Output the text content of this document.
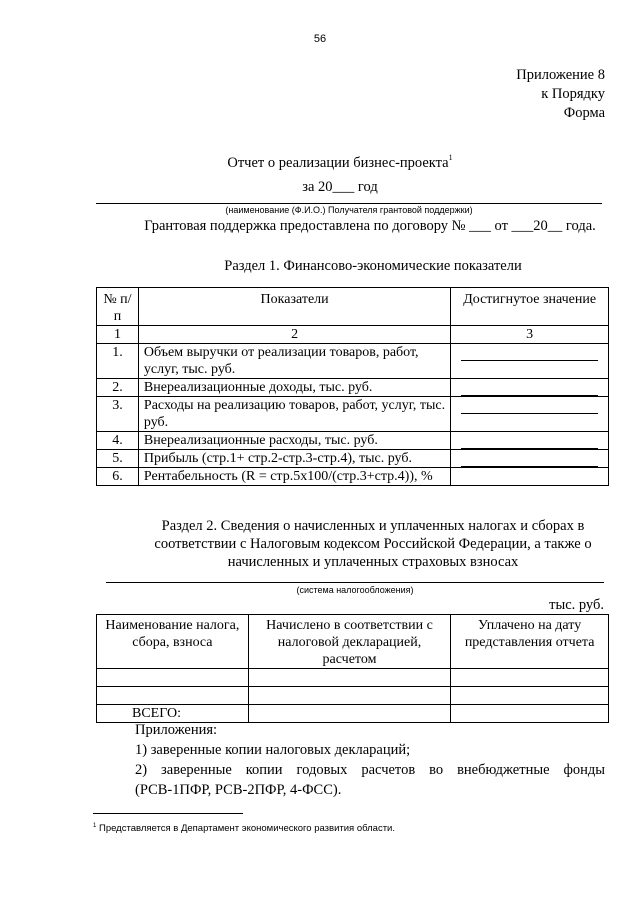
56
Приложение 8
к Порядку
Форма
Отчет о реализации бизнес-проекта$^1$
за 20___ год
(наименование (Ф.И.О.) Получателя грантовой поддержки)
Грантовая поддержка предоставлена по договору № ___ от ___20__ года.
Раздел 1. Финансово-экономические показатели
№ п/п	Показатели	Достигнутое значение
1	2	3
1.	Объем выручки от реализации товаров, работ, услуг, тыс. руб.	

2.	Внереализационные доходы, тыс. руб.	

3.	Расходы на реализацию товаров, работ, услуг, тыс. руб.	

4.	Внереализационные расходы, тыс. руб.	

5.	Прибыль (стр.1+ стр.2-стр.3-стр.4), тыс. руб.	

6.	Рентабельность (R = стр.5х100/(стр.3+стр.4)), %	
Раздел 2. Сведения о начисленных и уплаченных налогах и сборах в
соответствии с Налоговым кодексом Российской Федерации, а также о
начисленных и уплаченных страховых взносах
(система налогообложения)
тыс. руб.
Наименование налога, сбора, взноса	Начислено в соответствии с налоговой декларацией, расчетом	Уплачено на дату представления отчета

ВСЕГО:		
Приложения:
1) заверенные копии налоговых деклараций;
2) заверенные копии годовых расчетов во внебюджетные фонды (РСВ-1ПФР, РСВ-2ПФР, 4-ФСС).
$^1$ Представляется в Департамент экономического развития области.
